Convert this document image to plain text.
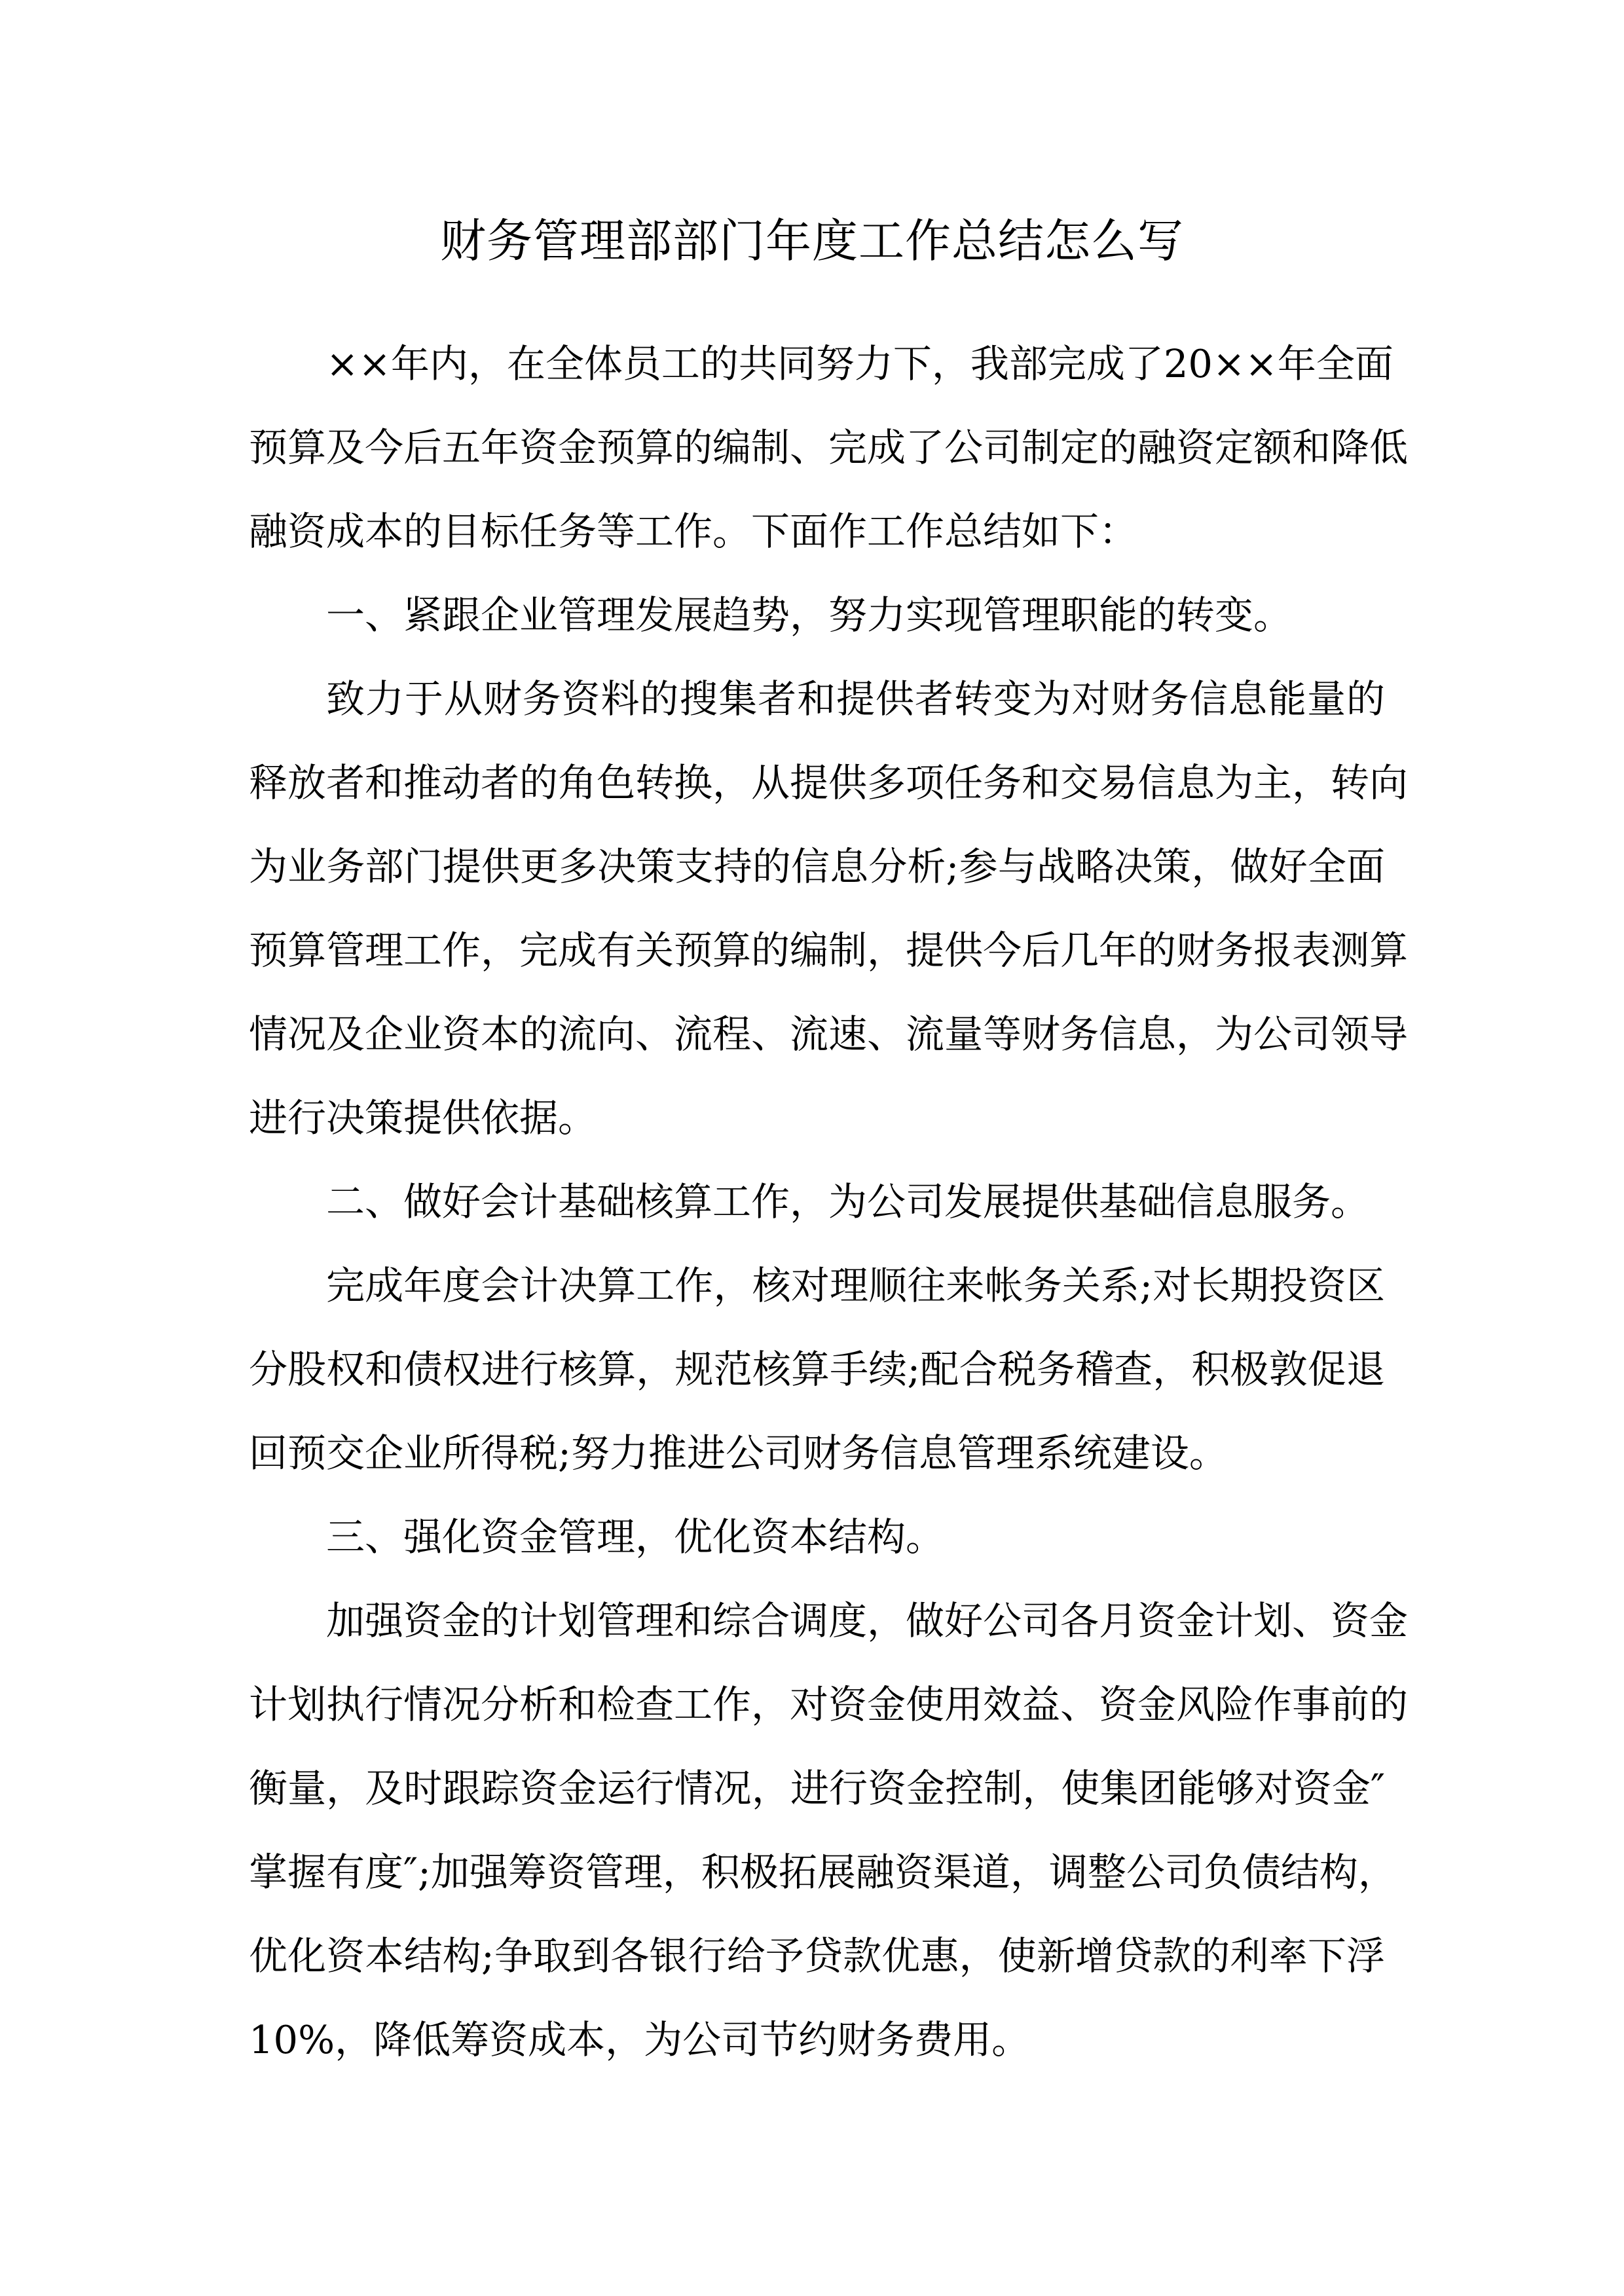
财务管理部部门年度工作总结怎么写
××年内，在全体员工的共同努力下，我部完成了20××年全面
预算及今后五年资金预算的编制、完成了公司制定的融资定额和降低
融资成本的目标任务等工作。下面作工作总结如下：
一、紧跟企业管理发展趋势，努力实现管理职能的转变。
致力于从财务资料的搜集者和提供者转变为对财务信息能量的
释放者和推动者的角色转换，从提供多项任务和交易信息为主，转向
为业务部门提供更多决策支持的信息分析;参与战略决策，做好全面
预算管理工作，完成有关预算的编制，提供今后几年的财务报表测算
情况及企业资本的流向、流程、流速、流量等财务信息，为公司领导
进行决策提供依据。
二、做好会计基础核算工作，为公司发展提供基础信息服务。
完成年度会计决算工作，核对理顺往来帐务关系;对长期投资区
分股权和债权进行核算，规范核算手续;配合税务稽查，积极敦促退
回预交企业所得税;努力推进公司财务信息管理系统建设。
三、强化资金管理，优化资本结构。
加强资金的计划管理和综合调度，做好公司各月资金计划、资金
计划执行情况分析和检查工作，对资金使用效益、资金风险作事前的
衡量，及时跟踪资金运行情况，进行资金控制，使集团能够对资金″
掌握有度″;加强筹资管理，积极拓展融资渠道，调整公司负债结构，
优化资本结构;争取到各银行给予贷款优惠，使新增贷款的利率下浮
10%，降低筹资成本，为公司节约财务费用。
